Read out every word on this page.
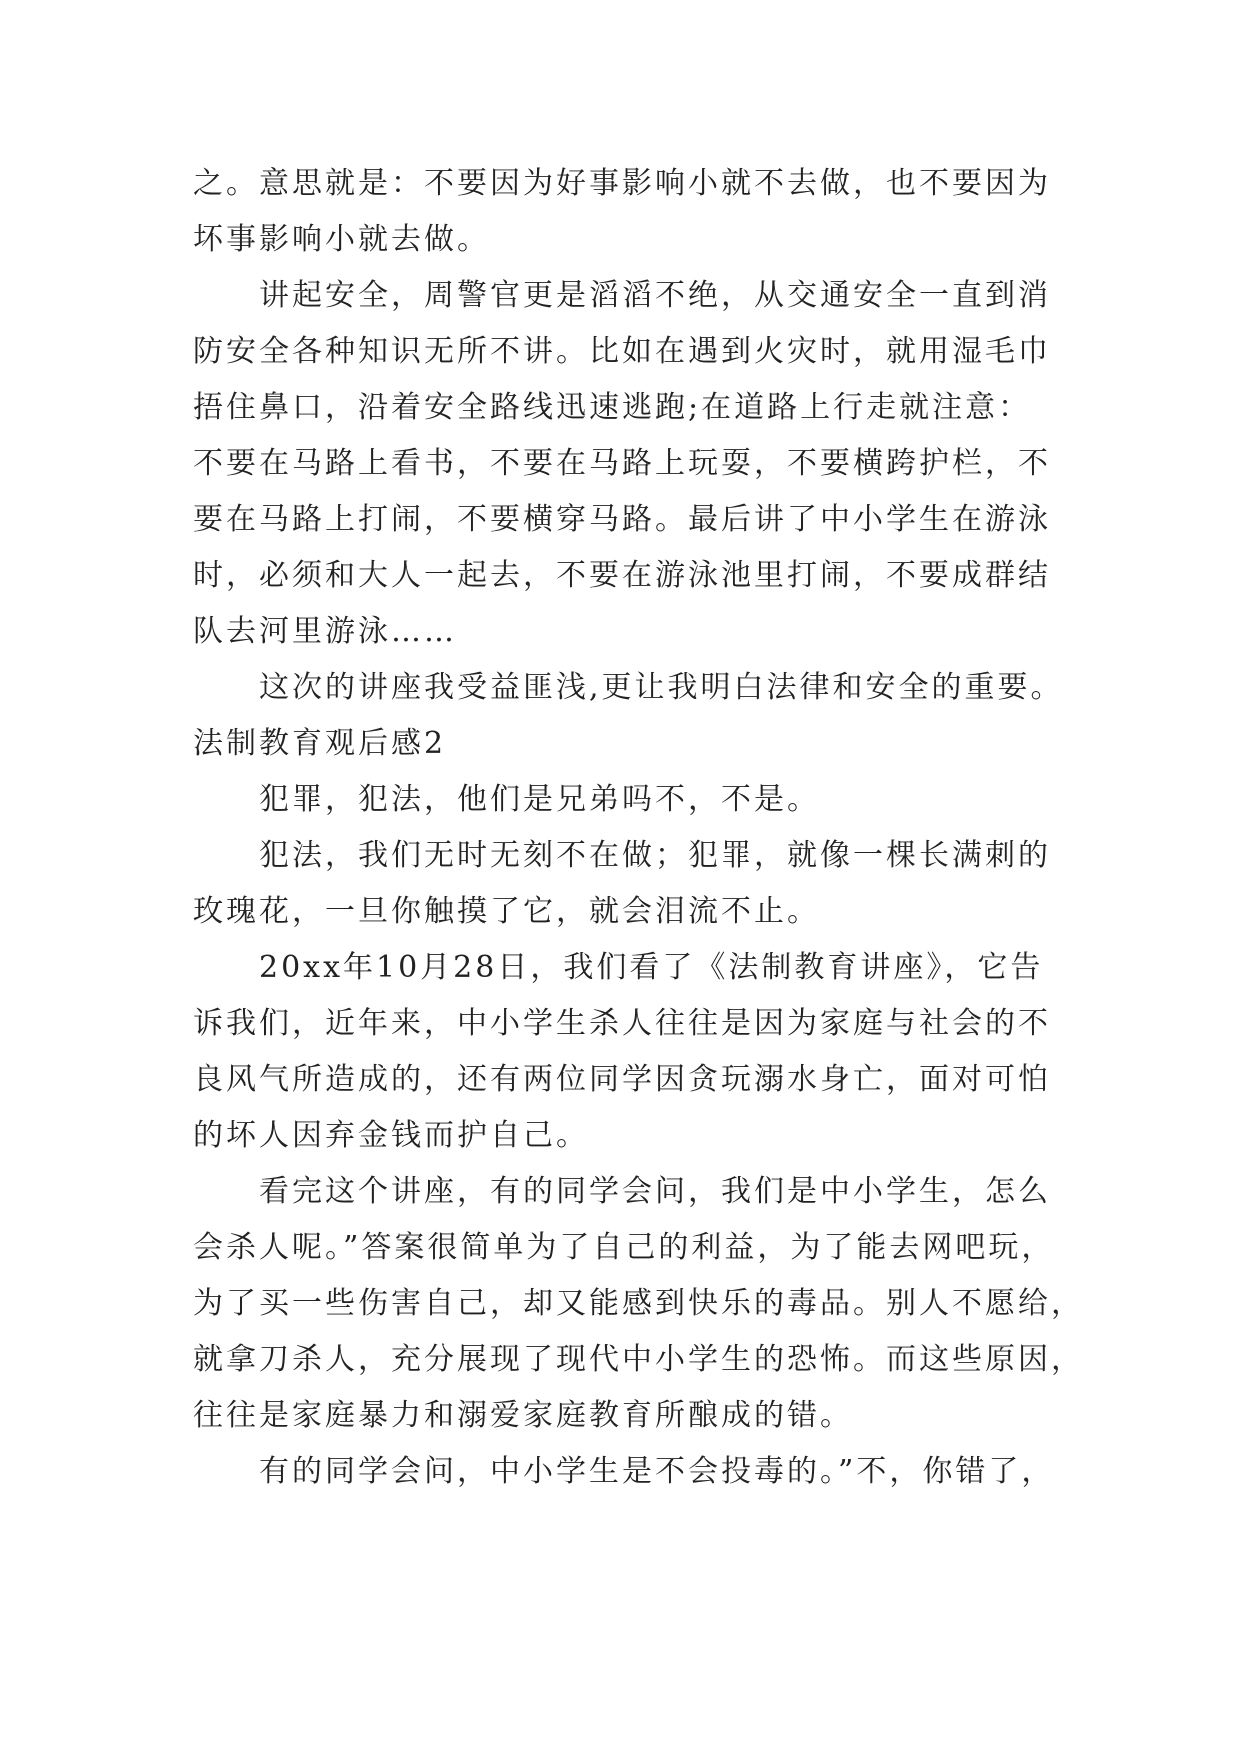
之。意思就是：不要因为好事影响小就不去做，也不要因为
坏事影响小就去做。
讲起安全，周警官更是滔滔不绝，从交通安全一直到消
防安全各种知识无所不讲。比如在遇到火灾时，就用湿毛巾
捂住鼻口，沿着安全路线迅速逃跑;在道路上行走就注意：
不要在马路上看书，不要在马路上玩耍，不要横跨护栏，不
要在马路上打闹，不要横穿马路。最后讲了中小学生在游泳
时，必须和大人一起去，不要在游泳池里打闹，不要成群结
队去河里游泳……
这次的讲座我受益匪浅,更让我明白法律和安全的重要。
法制教育观后感2
犯罪，犯法，他们是兄弟吗不，不是。
犯法，我们无时无刻不在做；犯罪，就像一棵长满刺的
玫瑰花，一旦你触摸了它，就会泪流不止。
20xx年10月28日，我们看了《法制教育讲座》，它告
诉我们，近年来，中小学生杀人往往是因为家庭与社会的不
良风气所造成的，还有两位同学因贪玩溺水身亡，面对可怕
的坏人因弃金钱而护自己。
看完这个讲座，有的同学会问，我们是中小学生，怎么
会杀人呢。”答案很简单为了自己的利益，为了能去网吧玩，
为了买一些伤害自己，却又能感到快乐的毒品。别人不愿给，
就拿刀杀人，充分展现了现代中小学生的恐怖。而这些原因，
往往是家庭暴力和溺爱家庭教育所酿成的错。
有的同学会问，中小学生是不会投毒的。”不，你错了，
